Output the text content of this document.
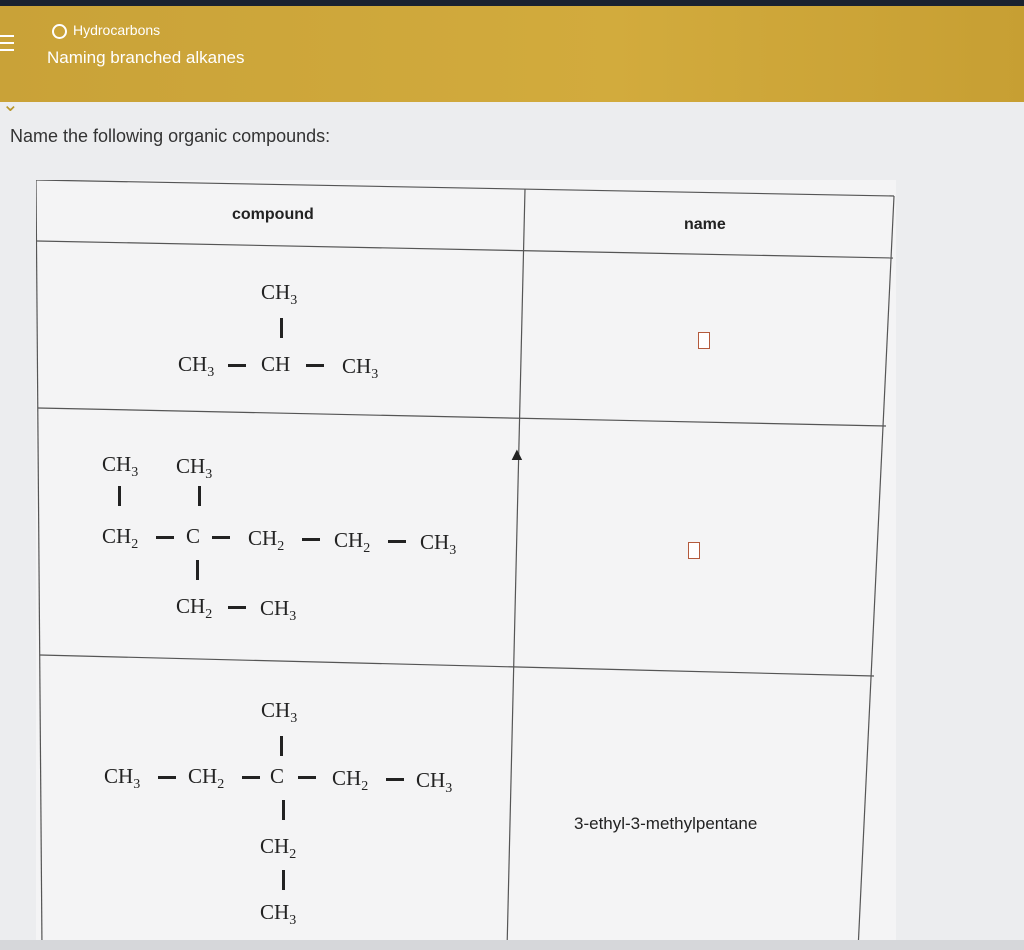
Hydrocarbons
Naming branched alkanes
⌄
Name the following organic compounds:
compound
name
$CH_3$
$CH_3$ CH $CH_3$
$CH_3$ $CH_3$
$CH_2$ C $CH_2$ $CH_2$ $CH_3$
$CH_2$ $CH_3$
$CH_3$
$CH_3$ $CH_2$ C $CH_2$ $CH_3$
$CH_2$
$CH_3$
3-ethyl-3-methylpentane
▲
